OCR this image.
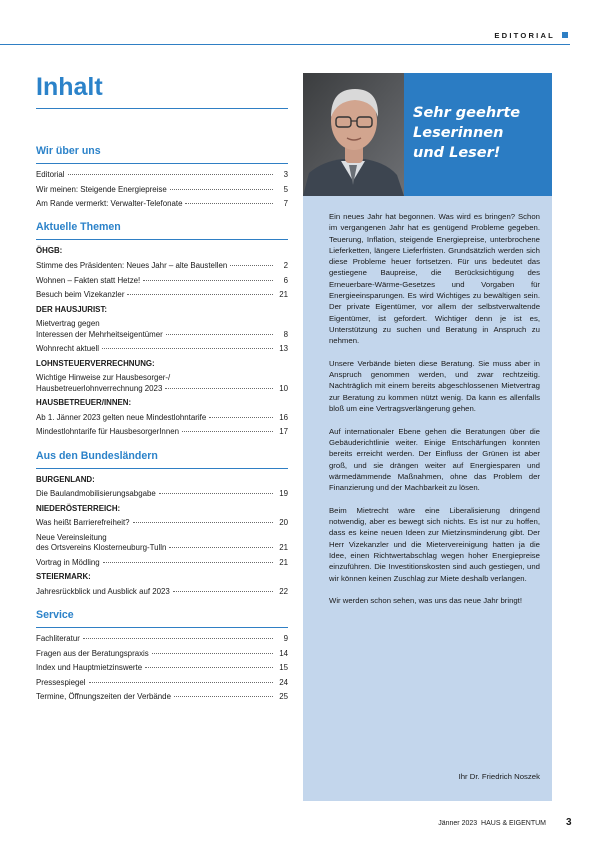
EDITORIAL
Inhalt
Wir über uns
Editorial	3
Wir meinen: Steigende Energiepreise	5
Am Rande vermerkt: Verwalter-Telefonate	7
Aktuelle Themen
ÖHGB:
Stimme des Präsidenten: Neues Jahr – alte Baustellen	2
Wohnen – Fakten statt Hetze!	6
Besuch beim Vizekanzler	21
DER HAUSJURIST:
Mietvertrag gegen
Interessen der Mehrheitseigentümer	8
Wohnrecht aktuell	13
LOHNSTEUERVERRECHNUNG:
Wichtige Hinweise zur Hausbesorger-/
Hausbetreuerlohnverrechnung 2023	10
HAUSBETREUER/INNEN:
Ab 1. Jänner 2023 gelten neue Mindestlohntarife	16
Mindestlohntarife für HausbesorgerInnen	17
Aus den Bundesländern
BURGENLAND:
Die Baulandmobilisierungsabgabe	19
NIEDERÖSTERREICH:
Was heißt Barrierefreiheit?	20
Neue Vereinsleitung
des Ortsvereins Klosterneuburg-Tulln	21
Vortrag in Mödling	21
STEIERMARK:
Jahresrückblick und Ausblick auf 2023	22
Service
Fachliteratur	9
Fragen aus der Beratungspraxis	14
Index und Hauptmietzinswerte	15
Pressespiegel	24
Termine, Öffnungszeiten der Verbände	25
Sehr geehrte
Leserinnen
und Leser!

Ein neues Jahr hat begonnen. Was wird es bringen? Schon im vergangenen Jahr hat es genügend Probleme gegeben. Teuerung, Inflation, steigende Energiepreise, unterbrochene Lieferketten, längere Lieferfristen. Grundsätzlich werden sich diese Probleme heuer fortsetzen. Für uns bedeutet das gestiegene Baupreise, die Berücksichtigung des Erneuerbare-Wärme-Gesetzes und Vorgaben für Energieeinsparungen. Es wird Wichtiges zu bewältigen sein. Der private Eigentümer, vor allem der selbstverwaltende Eigentümer, ist gefordert. Wichtiger denn je ist es, Unterstützung zu suchen und Beratung in Anspruch zu nehmen.

Unsere Verbände bieten diese Beratung. Sie muss aber in Anspruch genommen werden, und zwar rechtzeitig. Nachträglich mit einem bereits abgeschlossenen Mietvertrag zur Beratung zu kommen nützt wenig. Da kann es allenfalls bloß um eine Vertragsverlängerung gehen.

Auf internationaler Ebene gehen die Beratungen über die Gebäuderichtlinie weiter. Einige Entschärfungen konnten bereits erreicht werden. Der Einfluss der Grünen ist aber groß, und sie drängen weiter auf Energiesparen und wärmedämmende Maßnahmen, ohne das Problem der Finanzierung und der Machbarkeit zu lösen.

Beim Mietrecht wäre eine Liberalisierung dringend notwendig, aber es bewegt sich nichts. Es ist nur zu hoffen, dass es keine neuen Ideen zur Mietzinsminderung gibt. Der Herr Vizekanzler und die Mietervereinigung hatten ja die Idee, einen Richtwertabschlag wegen hoher Energiepreise einzuführen. Die Investitionskosten sind auch gestiegen, und wir können keinen Zuschlag zur Miete deshalb verlangen.

Wir werden schon sehen, was uns das neue Jahr bringt!

Ihr Dr. Friedrich Noszek
Jänner 2023 HAUS & EIGENTUM 3
